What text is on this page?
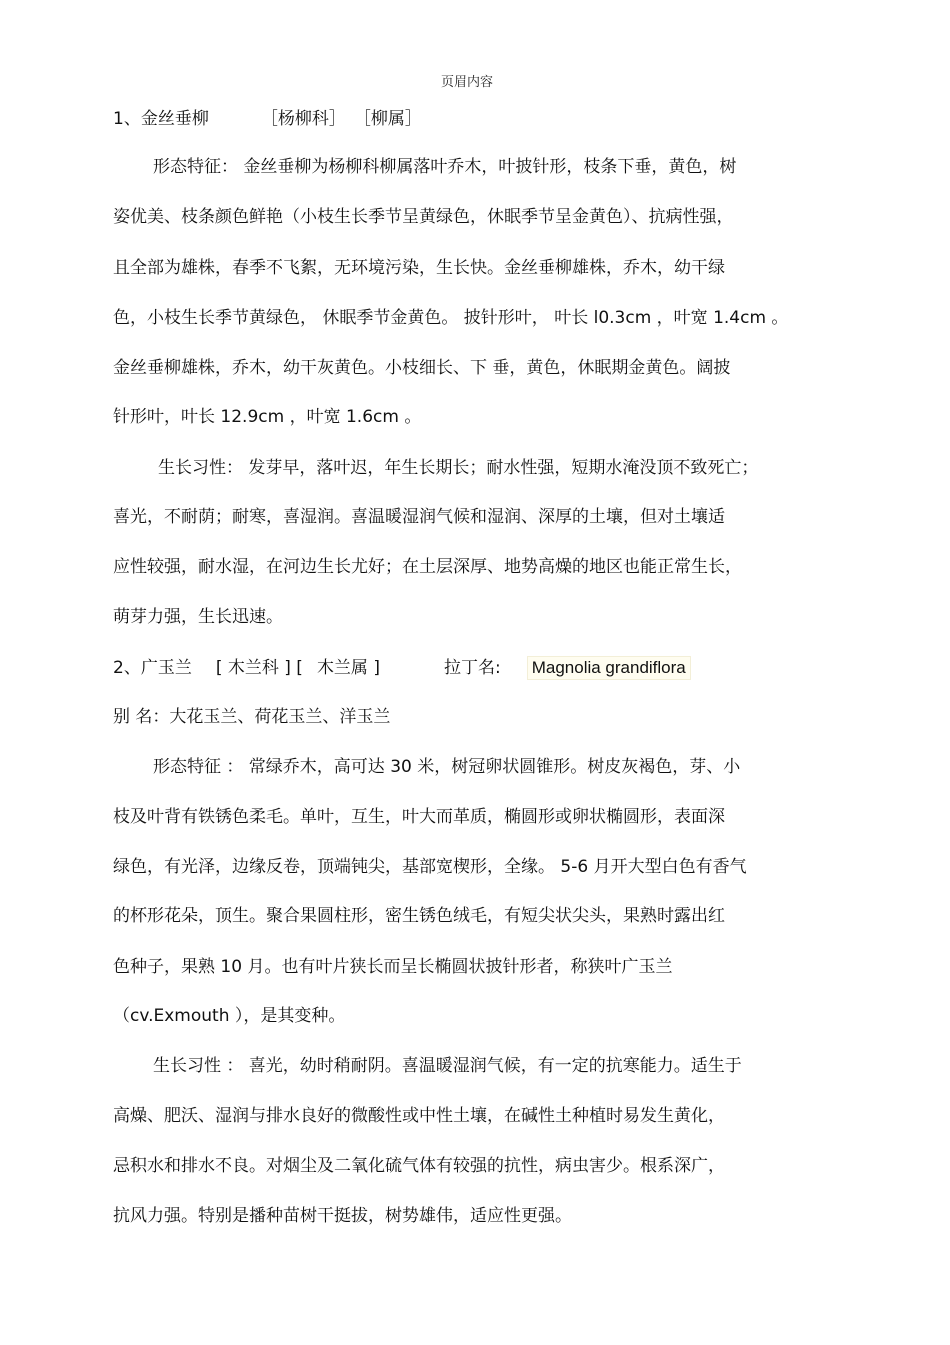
页眉内容
1、金丝垂柳	［杨柳科］ ［柳属］
形态特征： 金丝垂柳为杨柳科柳属落叶乔木，叶披针形，枝条下垂，黄色，树
姿优美、枝条颜色鲜艳（小枝生长季节呈黄绿色，休眠季节呈金黄色）、抗病性强，
且全部为雄株，春季不飞絮，无环境污染，生长快。金丝垂柳雄株，乔木，幼干绿
色，小枝生长季节黄绿色， 休眠季节金黄色。 披针形叶， 叶长 l0.3cm ，叶宽 1.4cm 。
金丝垂柳雄株，乔木，幼干灰黄色。小枝细长、下 垂，黄色，休眠期金黄色。阔披
针形叶，叶长 12.9cm ，叶宽 1.6cm 。
生长习性： 发芽早，落叶迟，年生长期长；耐水性强，短期水淹没顶不致死亡；
喜光，不耐荫；耐寒，喜湿润。喜温暖湿润气候和湿润、深厚的土壤，但对土壤适
应性较强，耐水湿，在河边生长尤好；在土层深厚、地势高燥的地区也能正常生长，
萌芽力强，生长迅速。
2、广玉兰 [ 木兰科 ] [ 木兰属 ]	拉丁名: Magnolia grandiflora
别 名：大花玉兰、荷花玉兰、洋玉兰
形态特征 ： 常绿乔木，高可达 30 米，树冠卵状圆锥形。树皮灰褐色，芽、小
枝及叶背有铁锈色柔毛。单叶，互生，叶大而革质，椭圆形或卵状椭圆形，表面深
绿色，有光泽，边缘反卷，顶端钝尖，基部宽楔形，全缘。 5-6 月开大型白色有香气
的杯形花朵，顶生。聚合果圆柱形，密生锈色绒毛，有短尖状尖头，果熟时露出红
色种子，果熟 10 月。也有叶片狭长而呈长椭圆状披针形者，称狭叶广玉兰
（cv.Exmouth ），是其变种。
生长习性 ： 喜光，幼时稍耐阴。喜温暖湿润气候，有一定的抗寒能力。适生于
高燥、肥沃、湿润与排水良好的微酸性或中性土壤，在碱性土种植时易发生黄化，
忌积水和排水不良。对烟尘及二氧化硫气体有较强的抗性，病虫害少。根系深广，
抗风力强。特别是播种苗树干挺拔，树势雄伟，适应性更强。
